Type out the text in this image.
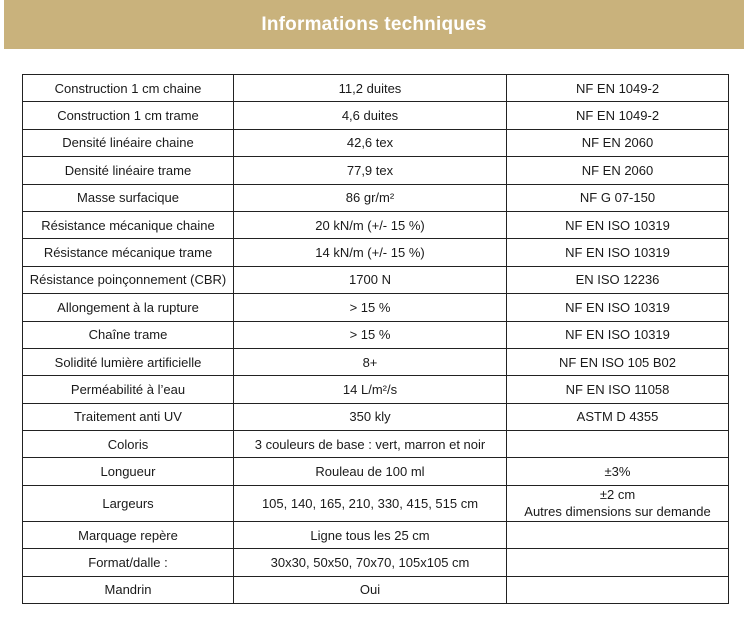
Informations techniques
Construction 1 cm chaine	11,2 duites	NF EN 1049-2
Construction 1 cm trame	4,6 duites	NF EN 1049-2
Densité linéaire chaine	42,6 tex	NF EN 2060
Densité linéaire trame	77,9 tex	NF EN 2060
Masse surfacique	86 gr/m²	NF G 07-150
Résistance mécanique chaine	20 kN/m (+/- 15 %)	NF EN ISO 10319
Résistance mécanique trame	14 kN/m (+/- 15 %)	NF EN ISO 10319
Résistance poinçonnement (CBR)	1700 N	EN ISO 12236
Allongement à la rupture	> 15 %	NF EN ISO 10319
Chaîne trame	> 15 %	NF EN ISO 10319
Solidité lumière artificielle	8+	NF EN ISO 105 B02
Perméabilité à l’eau	14 L/m²/s	NF EN ISO 11058
Traitement anti UV	350 kly	ASTM D 4355
Coloris	3 couleurs de base : vert, marron et noir	
Longueur	Rouleau de 100 ml	±3%
Largeurs	105, 140, 165, 210, 330, 415, 515 cm	±2 cm
Autres dimensions sur demande

Marquage repère	Ligne tous les 25 cm	
Format/dalle :	30x30, 50x50, 70x70, 105x105 cm	
Mandrin	Oui	
